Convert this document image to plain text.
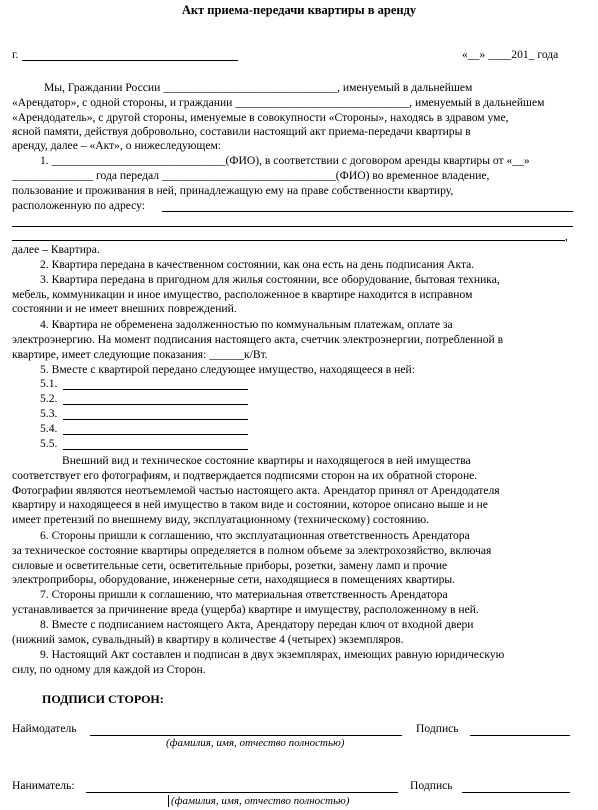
Акт приема-передачи квартиры в аренду
г.	«__» ____201_ года
Мы, Граждании России ______________________________, именуемый в дальнейшем
«Арендатор», с одной стороны, и граждании ______________________________, именуемый в дальнейшем
«Арендодатель», с другой стороны, именуемые в совокупности «Стороны», находясь в здравом уме,
ясной памяти, действуя добровольно, составили настоящий акт приема-передачи квартиры в
аренду, далее – «Акт», о нижеследующем:
1. ______________________________(ФИО), в соответствии с договором аренды квартиры от «__»
______________ года передал ______________________________(ФИО) во временное владение,
пользование и проживания в ней, принадлежащую ему на праве собственности квартиру,
расположенную по адресу:
,
далее – Квартира.
2. Квартира передана в качественном состоянии, как она есть на день подписания Акта.
3. Квартира передана в пригодном для жилья состоянии, все оборудование, бытовая техника,
мебель, коммуникации и иное имущество, расположенное в квартире находится в исправном
состоянии и не имеет внешних повреждений.
4. Квартира не обременена задолженностью по коммунальным платежам, оплате за
электроэнергию. На момент подписания настоящего акта, счетчик электроэнергии, потребленной в
квартире, имеет следующие показания: ______к/Вт.
5. Вместе с квартирой передано следующее имущество, находящееся в ней:
5.1.
5.2.
5.3.
5.4.
5.5.
Внешний вид и техническое состояние квартиры и находящегося в ней имущества
соответствует его фотографиям, и подтверждается подписями сторон на их обратной стороне.
Фотографии являются неотъемлемой частью настоящего акта. Арендатор принял от Арендодателя
квартиру и находящееся в ней имущество в таком виде и состоянии, которое описано выше и не
имеет претензий по внешнему виду, эксплуатационному (техническому) состоянию.
6. Стороны пришли к соглашению, что эксплуатационная ответственность Арендатора
за техническое состояние квартиры определяется в полном объеме за электрохозяйство, включая
силовые и осветительные сети, осветительные приборы, розетки, замену ламп и прочие
электроприборы, оборудование, инженерные сети, находящиеся в помещениях квартиры.
7. Стороны пришли к соглашению, что материальная ответственность Арендатора
устанавливается за причинение вреда (ущерба) квартире и имуществу, расположенному в ней.
8. Вместе с подписанием настоящего Акта, Арендатору передан ключ от входной двери
(нижний замок, сувальдный) в квартиру в количестве 4 (четырех) экземпляров.
9. Настоящий Акт составлен и подписан в двух экземплярах, имеющих равную юридическую
силу, по одному для каждой из Сторон.
ПОДПИСИ СТОРОН:
Наймодатель	Подпись
(фамилия, имя, отчество полностью)
Наниматель:	Подпись
(фамилия, имя, отчество полностью)
